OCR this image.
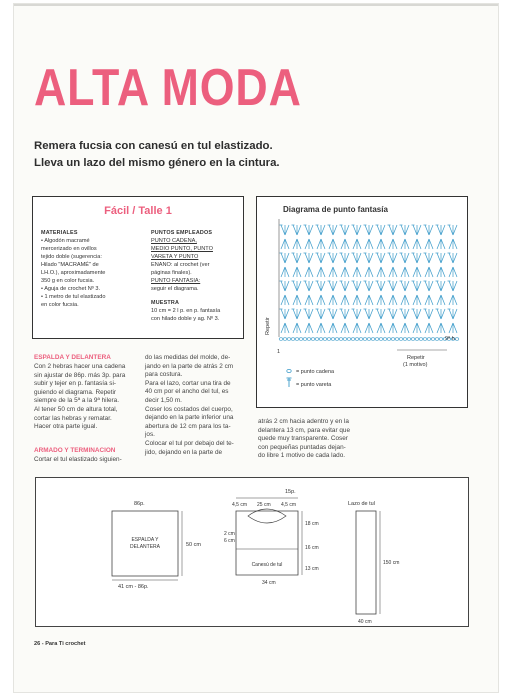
ALTA MODA
Remera fucsia con canesú en tul elastizado.
Lleva un lazo del mismo género en la cintura.
Fácil / Talle 1
MATERIALES
• Algodón macramé
mercerizado en ovillos
tejido doble (sugerencia:
Hilado "MACRAMÉ" de
LH.O.), aproximadamente
350 g en color fucsia.
• Aguja de crochet Nº 3.
• 1 metro de tul elastizado
en color fucsia.
PUNTOS EMPLEADOS
PUNTO CADENA,
MEDIO PUNTO, PUNTO
VARETA Y PUNTO
ENANO: al crochet (ver
páginas finales).
PUNTO FANTASIA:
seguir el diagrama.
MUESTRA
10 cm = 2 l p. en p. fantasía
con hilado doble y ag. Nº 3.
Diagrama de punto fantasía
Repetir
9ª h.
1
Repetir
(1 motivo)
= punto cadena
= punto vareta
ESPALDA Y DELANTERA
Con 2 hebras hacer una cadena
sin ajustar de 86p. más 3p. para
subir y tejer en p. fantasía si-
guiendo el diagrama. Repetir
siempre de la 5ª a la 9ª hilera.
Al tener 50 cm de altura total,
cortar las hebras y rematar.
Hacer otra parte igual.
ARMADO Y TERMINACION
Cortar el tul elastizado siguien-
do las medidas del molde, de-
jando en la parte de atrás 2 cm
para costura.
Para el lazo, cortar una tira de
40 cm por el ancho del tul, es
decir 1,50 m.
Coser los costados del cuerpo,
dejando en la parte inferior una
abertura de 12 cm para los ta-
jos.
Colocar el tul por debajo del te-
jido, dejando en la parte de
atrás 2 cm hacia adentro y en la
delantera 13 cm, para evitar que
quede muy transparente. Coser
con pequeñas puntadas dejan-
do libre 1 motivo de cada lado.
86p.
ESPALDA Y
DELANTERA	50 cm
41 cm - 86p.
15p.
4,5 cm 25 cm 4,5 cm
Canesú de tul
2 cm
6 cm
18 cm
16 cm
13 cm
34 cm
Lazo de tul
150 cm
40 cm
26 - Para Ti crochet
